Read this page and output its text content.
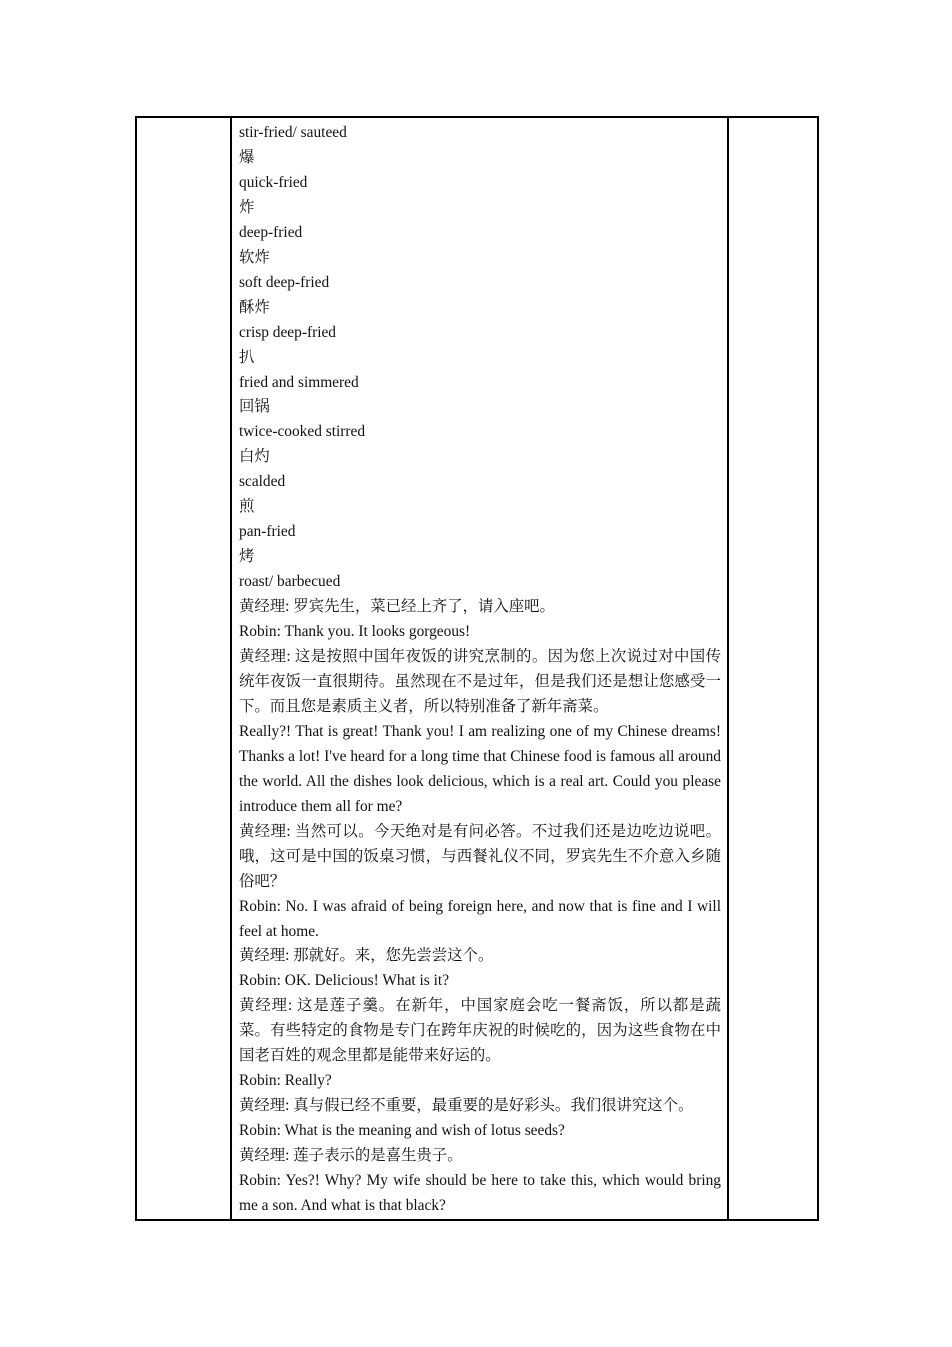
stir-fried/ sauteed

爆

quick-fried

炸

deep-fried

软炸

soft deep-fried

酥炸

crisp deep-fried

扒

fried and simmered

回锅

twice-cooked stirred

白灼

scalded

煎

pan-fried

烤

roast/ barbecued

黄经理: 罗宾先生，菜已经上齐了，请入座吧。

Robin: Thank you. It looks gorgeous!

黄经理: 这是按照中国年夜饭的讲究烹制的。因为您上次说过对中国传统年夜饭一直很期待。虽然现在不是过年，但是我们还是想让您感受一下。而且您是素质主义者，所以特别准备了新年斋菜。

Really?! That is great! Thank you! I am realizing one of my Chinese dreams! Thanks a lot! I've heard for a long time that Chinese food is famous all around the world. All the dishes look delicious, which is a real art. Could you please introduce them all for me?

黄经理: 当然可以。今天绝对是有问必答。不过我们还是边吃边说吧。哦，这可是中国的饭桌习惯，与西餐礼仪不同，罗宾先生不介意入乡随俗吧？

Robin: No. I was afraid of being foreign here, and now that is fine and I will feel at home.

黄经理: 那就好。来，您先尝尝这个。

Robin: OK. Delicious! What is it?

黄经理: 这是莲子羹。在新年，中国家庭会吃一餐斋饭，所以都是蔬菜。有些特定的食物是专门在跨年庆祝的时候吃的，因为这些食物在中国老百姓的观念里都是能带来好运的。

Robin: Really?

黄经理: 真与假已经不重要，最重要的是好彩头。我们很讲究这个。

Robin: What is the meaning and wish of lotus seeds?

黄经理: 莲子表示的是喜生贵子。

Robin: Yes?! Why? My wife should be here to take this, which would bring me a son. And what is that black?
